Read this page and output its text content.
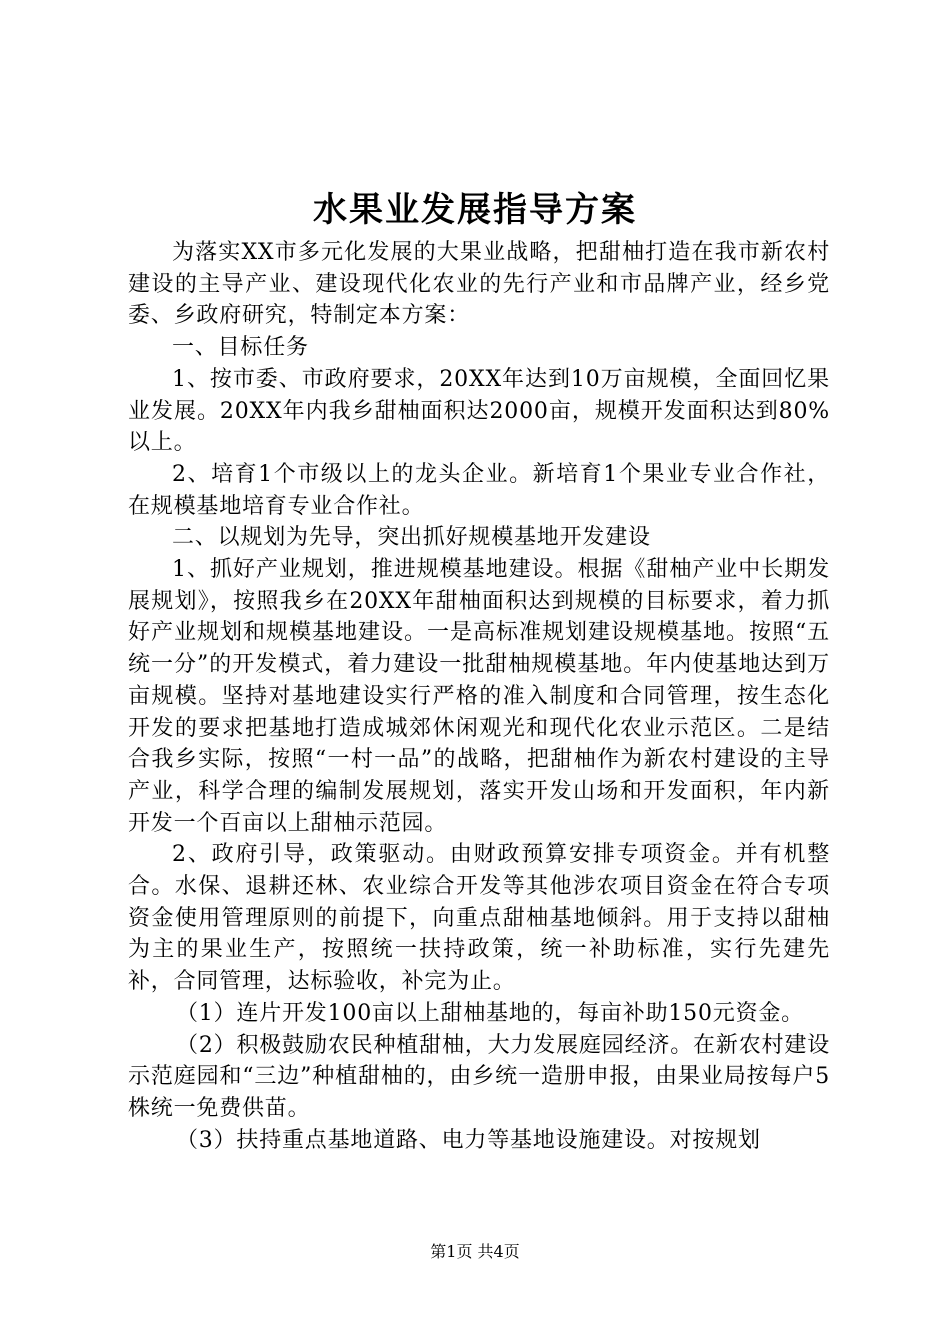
水果业发展指导方案

为落实XX市多元化发展的大果业战略，把甜柚打造在我市新农村建设的主导产业、建设现代化农业的先行产业和市品牌产业，经乡党委、乡政府研究，特制定本方案：

一、目标任务

1、按市委、市政府要求，20XX年达到10万亩规模，全面回忆果业发展。20XX年内我乡甜柚面积达2000亩，规模开发面积达到80%以上。

2、培育1个市级以上的龙头企业。新培育1个果业专业合作社，在规模基地培育专业合作社。

二、以规划为先导，突出抓好规模基地开发建设

1、抓好产业规划，推进规模基地建设。根据《甜柚产业中长期发展规划》，按照我乡在20XX年甜柚面积达到规模的目标要求，着力抓好产业规划和规模基地建设。一是高标准规划建设规模基地。按照“五统一分”的开发模式，着力建设一批甜柚规模基地。年内使基地达到万亩规模。坚持对基地建设实行严格的准入制度和合同管理，按生态化开发的要求把基地打造成城郊休闲观光和现代化农业示范区。二是结合我乡实际，按照“一村一品”的战略，把甜柚作为新农村建设的主导产业，科学合理的编制发展规划，落实开发山场和开发面积，年内新开发一个百亩以上甜柚示范园。

2、政府引导，政策驱动。由财政预算安排专项资金。并有机整合。水保、退耕还林、农业综合开发等其他涉农项目资金在符合专项资金使用管理原则的前提下，向重点甜柚基地倾斜。用于支持以甜柚为主的果业生产，按照统一扶持政策，统一补助标准，实行先建先补，合同管理，达标验收，补完为止。

（1）连片开发100亩以上甜柚基地的，每亩补助150元资金。

（2）积极鼓励农民种植甜柚，大力发展庭园经济。在新农村建设示范庭园和“三边”种植甜柚的，由乡统一造册申报，由果业局按每户5株统一免费供苗。

（3）扶持重点基地道路、电力等基地设施建设。对按规划

第1页 共4页
